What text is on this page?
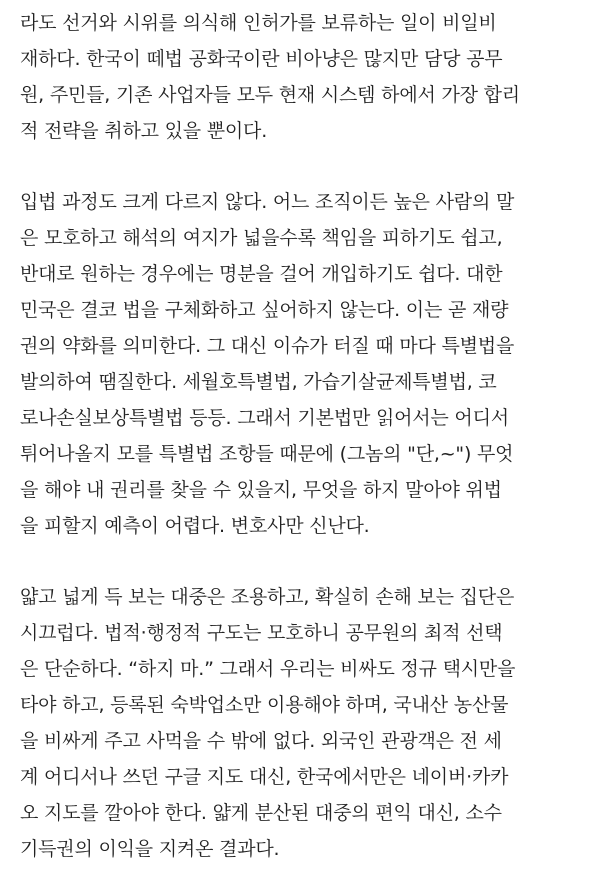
라도 선거와 시위를 의식해 인허가를 보류하는 일이 비일비
재하다. 한국이 떼법 공화국이란 비아냥은 많지만 담당 공무
원, 주민들, 기존 사업자들 모두 현재 시스템 하에서 가장 합리
적 전략을 취하고 있을 뿐이다.
입법 과정도 크게 다르지 않다. 어느 조직이든 높은 사람의 말
은 모호하고 해석의 여지가 넓을수록 책임을 피하기도 쉽고,
반대로 원하는 경우에는 명분을 걸어 개입하기도 쉽다. 대한
민국은 결코 법을 구체화하고 싶어하지 않는다. 이는 곧 재량
권의 약화를 의미한다. 그 대신 이슈가 터질 때 마다 특별법을
발의하여 땜질한다. 세월호특별법, 가습기살균제특별법, 코
로나손실보상특별법 등등. 그래서 기본법만 읽어서는 어디서
튀어나올지 모를 특별법 조항들 때문에 (그놈의 "단,~") 무엇
을 해야 내 권리를 찾을 수 있을지, 무엇을 하지 말아야 위법
을 피할지 예측이 어렵다. 변호사만 신난다.
얇고 넓게 득 보는 대중은 조용하고, 확실히 손해 보는 집단은
시끄럽다. 법적·행정적 구도는 모호하니 공무원의 최적 선택
은 단순하다. “하지 마.” 그래서 우리는 비싸도 정규 택시만을
타야 하고, 등록된 숙박업소만 이용해야 하며, 국내산 농산물
을 비싸게 주고 사먹을 수 밖에 없다. 외국인 관광객은 전 세
계 어디서나 쓰던 구글 지도 대신, 한국에서만은 네이버·카카
오 지도를 깔아야 한다. 얇게 분산된 대중의 편익 대신, 소수
기득권의 이익을 지켜온 결과다.
